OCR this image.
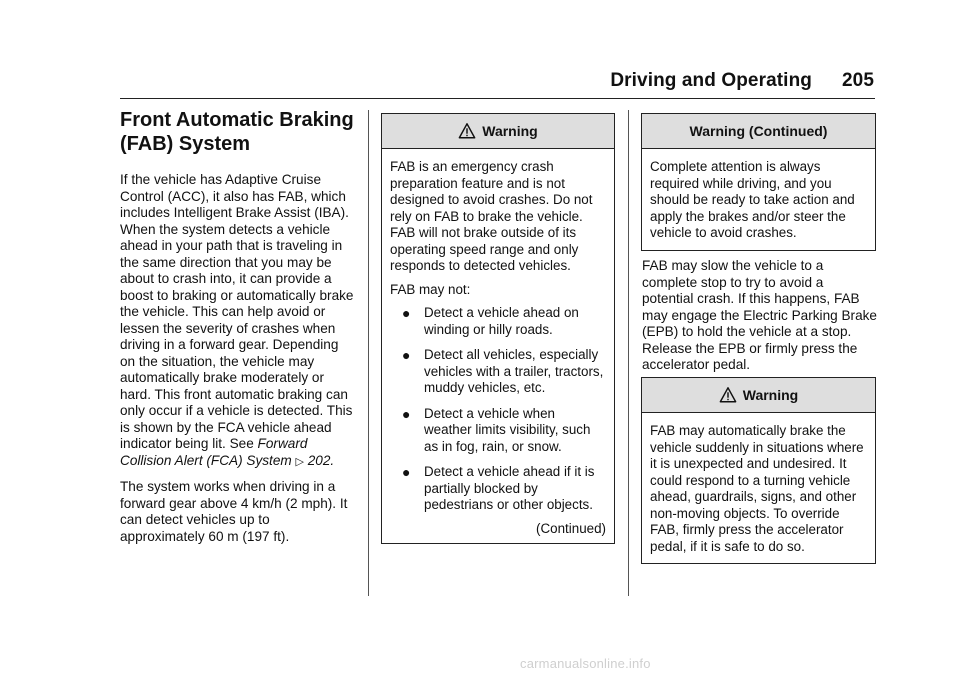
Driving and Operating 205
Front Automatic Braking (FAB) System

If the vehicle has Adaptive Cruise Control (ACC), it also has FAB, which includes Intelligent Brake Assist (IBA). When the system detects a vehicle ahead in your path that is traveling in the same direction that you may be about to crash into, it can provide a boost to braking or automatically brake the vehicle. This can help avoid or lessen the severity of crashes when driving in a forward gear. Depending on the situation, the vehicle may automatically brake moderately or hard. This front automatic braking can only occur if a vehicle is detected. This is shown by the FCA vehicle ahead indicator being lit. See Forward Collision Alert (FCA) System ▷ 202.

The system works when driving in a forward gear above 4 km/h (2 mph). It can detect vehicles up to approximately 60 m (197 ft).

Warning

FAB is an emergency crash preparation feature and is not designed to avoid crashes. Do not rely on FAB to brake the vehicle. FAB will not brake outside of its operating speed range and only responds to detected vehicles.

FAB may not:

●	Detect a vehicle ahead on winding or hilly roads.
●	Detect all vehicles, especially vehicles with a trailer, tractors, muddy vehicles, etc.
●	Detect a vehicle when weather limits visibility, such as in fog, rain, or snow.
●	Detect a vehicle ahead if it is partially blocked by pedestrians or other objects.
(Continued)
Warning (Continued)

Complete attention is always required while driving, and you should be ready to take action and apply the brakes and/or steer the vehicle to avoid crashes.

FAB may slow the vehicle to a complete stop to try to avoid a potential crash. If this happens, FAB may engage the Electric Parking Brake (EPB) to hold the vehicle at a stop. Release the EPB or firmly press the accelerator pedal.

Warning

FAB may automatically brake the vehicle suddenly in situations where it is unexpected and undesired. It could respond to a turning vehicle ahead, guardrails, signs, and other non-moving objects. To override FAB, firmly press the accelerator pedal, if it is safe to do so.

carmanualsonline.info
